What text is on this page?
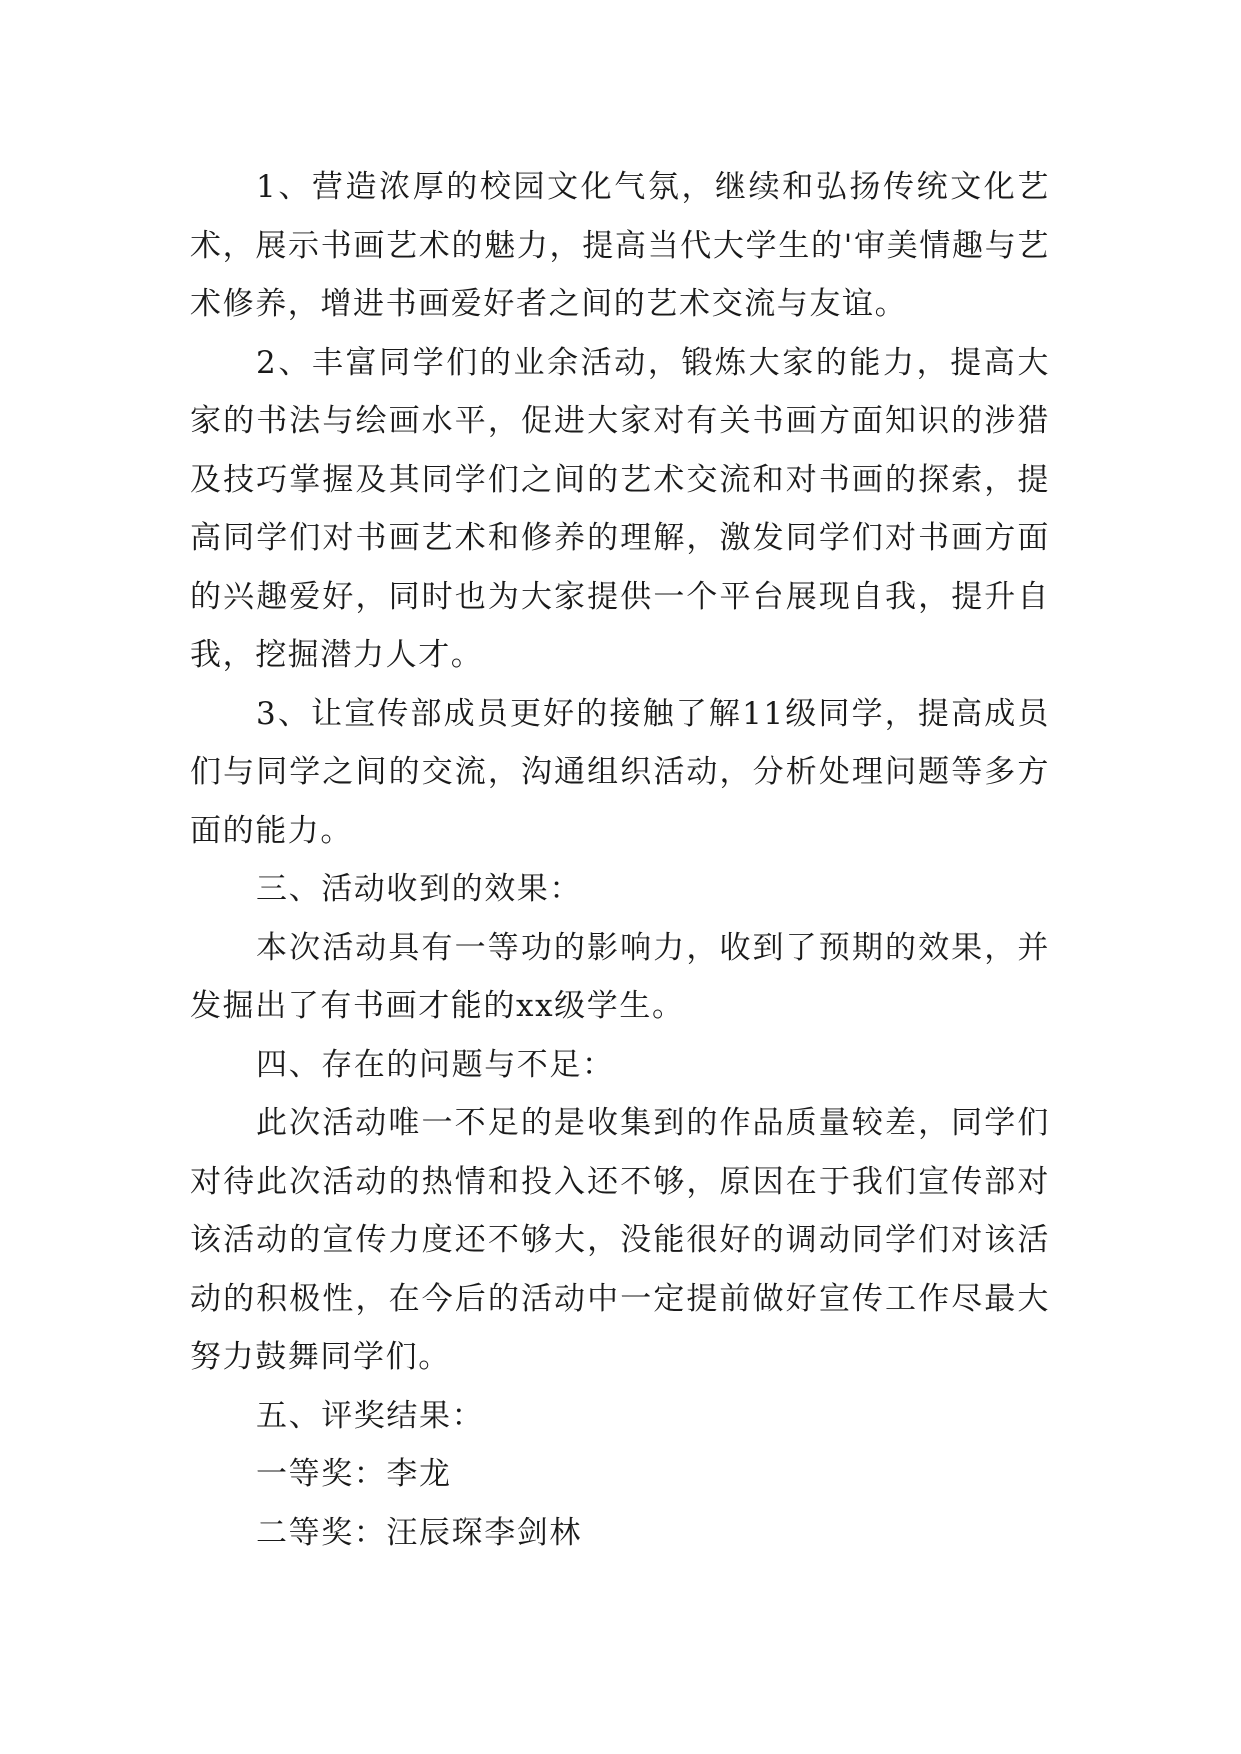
1、营造浓厚的校园文化气氛，继续和弘扬传统文化艺术，展示书画艺术的魅力，提高当代大学生的'审美情趣与艺术修养，增进书画爱好者之间的艺术交流与友谊。

2、丰富同学们的业余活动，锻炼大家的能力，提高大家的书法与绘画水平，促进大家对有关书画方面知识的涉猎及技巧掌握及其同学们之间的艺术交流和对书画的探索，提高同学们对书画艺术和修养的理解，激发同学们对书画方面的兴趣爱好，同时也为大家提供一个平台展现自我，提升自我，挖掘潜力人才。

3、让宣传部成员更好的接触了解11级同学，提高成员们与同学之间的交流，沟通组织活动，分析处理问题等多方面的能力。

三、活动收到的效果：

本次活动具有一等功的影响力，收到了预期的效果，并发掘出了有书画才能的xx级学生。

四、存在的问题与不足：

此次活动唯一不足的是收集到的作品质量较差，同学们对待此次活动的热情和投入还不够，原因在于我们宣传部对该活动的宣传力度还不够大，没能很好的调动同学们对该活动的积极性，在今后的活动中一定提前做好宣传工作尽最大努力鼓舞同学们。

五、评奖结果：

一等奖：李龙

二等奖：汪辰琛李剑林
